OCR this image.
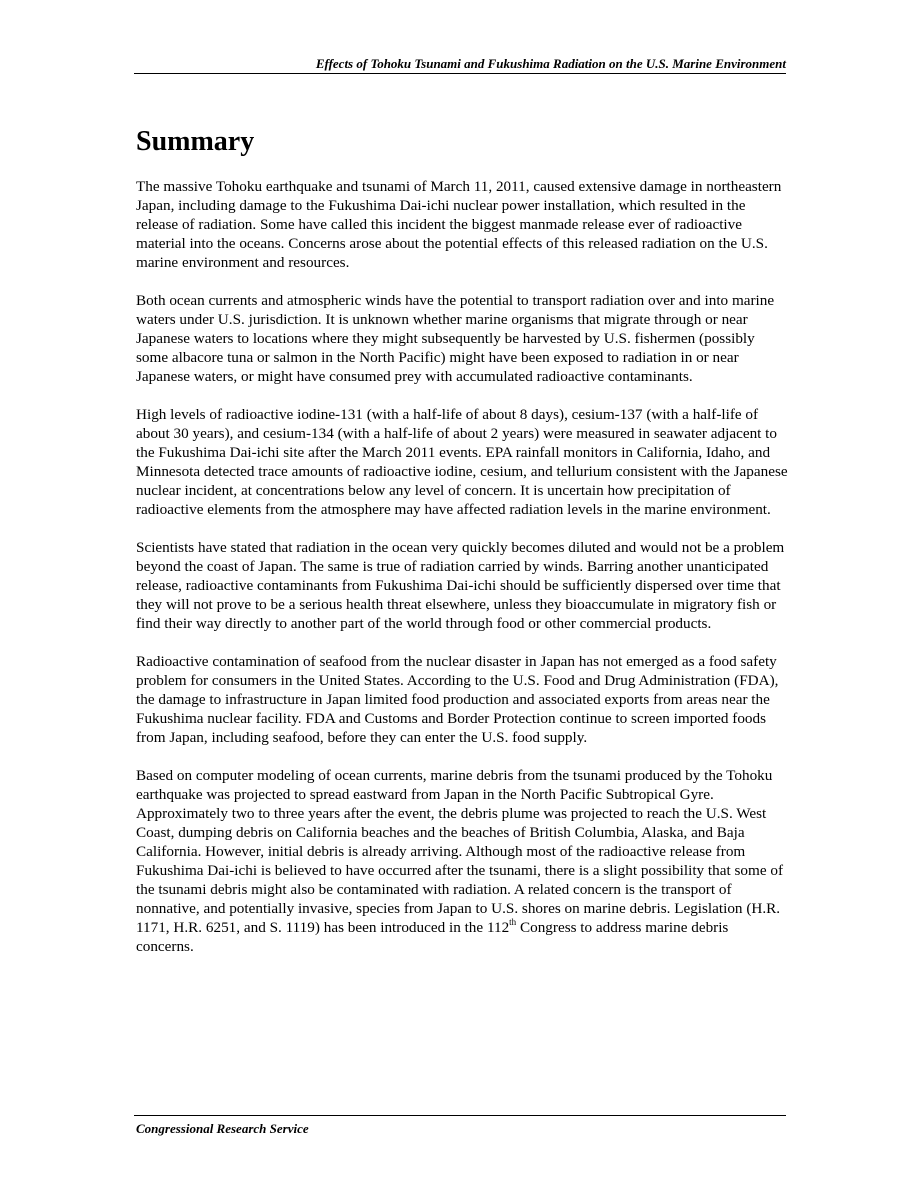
Effects of Tohoku Tsunami and Fukushima Radiation on the U.S. Marine Environment
Summary

The massive Tohoku earthquake and tsunami of March 11, 2011, caused extensive damage in northeastern Japan, including damage to the Fukushima Dai-ichi nuclear power installation, which resulted in the release of radiation. Some have called this incident the biggest manmade release ever of radioactive material into the oceans. Concerns arose about the potential effects of this released radiation on the U.S. marine environment and resources.

Both ocean currents and atmospheric winds have the potential to transport radiation over and into marine waters under U.S. jurisdiction. It is unknown whether marine organisms that migrate through or near Japanese waters to locations where they might subsequently be harvested by U.S. fishermen (possibly some albacore tuna or salmon in the North Pacific) might have been exposed to radiation in or near Japanese waters, or might have consumed prey with accumulated radioactive contaminants.

High levels of radioactive iodine-131 (with a half-life of about 8 days), cesium-137 (with a half-life of about 30 years), and cesium-134 (with a half-life of about 2 years) were measured in seawater adjacent to the Fukushima Dai-ichi site after the March 2011 events. EPA rainfall monitors in California, Idaho, and Minnesota detected trace amounts of radioactive iodine, cesium, and tellurium consistent with the Japanese nuclear incident, at concentrations below any level of concern. It is uncertain how precipitation of radioactive elements from the atmosphere may have affected radiation levels in the marine environment.

Scientists have stated that radiation in the ocean very quickly becomes diluted and would not be a problem beyond the coast of Japan. The same is true of radiation carried by winds. Barring another unanticipated release, radioactive contaminants from Fukushima Dai-ichi should be sufficiently dispersed over time that they will not prove to be a serious health threat elsewhere, unless they bioaccumulate in migratory fish or find their way directly to another part of the world through food or other commercial products.

Radioactive contamination of seafood from the nuclear disaster in Japan has not emerged as a food safety problem for consumers in the United States. According to the U.S. Food and Drug Administration (FDA), the damage to infrastructure in Japan limited food production and associated exports from areas near the Fukushima nuclear facility. FDA and Customs and Border Protection continue to screen imported foods from Japan, including seafood, before they can enter the U.S. food supply.

Based on computer modeling of ocean currents, marine debris from the tsunami produced by the Tohoku earthquake was projected to spread eastward from Japan in the North Pacific Subtropical Gyre. Approximately two to three years after the event, the debris plume was projected to reach the U.S. West Coast, dumping debris on California beaches and the beaches of British Columbia, Alaska, and Baja California. However, initial debris is already arriving. Although most of the radioactive release from Fukushima Dai-ichi is believed to have occurred after the tsunami, there is a slight possibility that some of the tsunami debris might also be contaminated with radiation. A related concern is the transport of nonnative, and potentially invasive, species from Japan to U.S. shores on marine debris. Legislation (H.R. 1171, H.R. 6251, and S. 1119) has been introduced in the 112th Congress to address marine debris concerns.

Congressional Research Service
